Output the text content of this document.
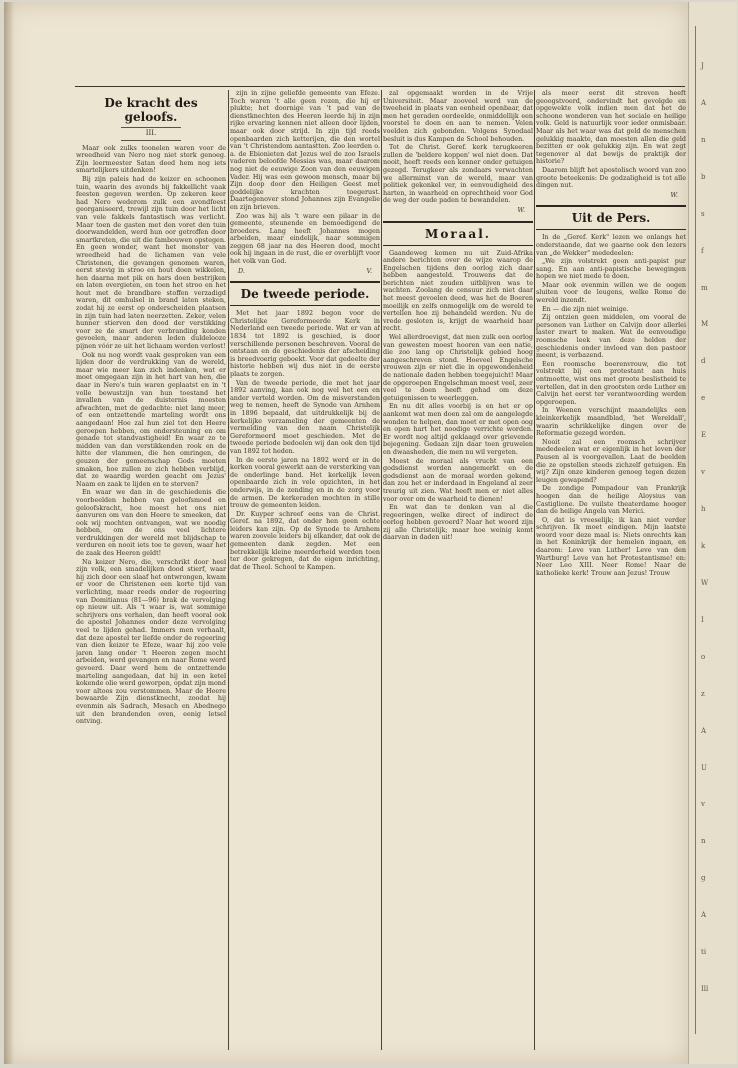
J
A
n
b
s
f
m
M
d
e
E
v
h
k
W
I
o
z
A
U
v
n
g
A
ti
Ill
De kracht des geloofs.
III.

Maar ook zulks toonelen waren voor de wreedheid van Nero nog niet sterk genoeg. Zijn leermeester Satan deed hem nog iets smartelijkers uitdenken!

Bij zijn paleis had de keizer en schoonen tuin, waarin des avonds bij fakkellicht vaak feesten gegeven werden. Op zekeren keer had Nero wederom zulk een avondfeest georganiseerd, trewijl zijn tuin door het licht van vele fakkels fantastisch was verlicht. Maar toen de gasten met den voret den tuin doorwandelden, werd hun oor getroffen door smartkreten, die uit die fambouwen opstegen. En geen wonder, want het monster van wreedheid had de lichamen van vele Christenen, die gevangen genomen waren, eerst stevig in stroo en hout doen wikkelen, hen daarna met pik en hars doen bestrijken en laten overgieten, en toen het stroo en het hout met de brandbare stoffen verzadigd waren, dit omhulsel in brand laten steken, zodat hij ze eerst op onderscheiden plaatsen in zijn tuin had laten neerzetten. Zeker, velen hunner stierven den dood der verstikking voor ze de smart der verbranding konden gevoelen, maar anderen leden duldelooze pijnen vóór ze uit het lichaam werden verlost!

Ook nu nog wordt vaak gesproken van een lijden door de verdrukking van de wereld, maar wie meer kan zich indenken, wat er moet omgegaan zijn in het hart van hen, die daar in Nero's tuin waren geplaatst en in 't volle bewustzijn van hun toestand het invallen van de duisternis moesten afwachten, met de gedachte: niet lang meer, of een ontzettende marteling wordt ons aangedaan! Hoe zal hun ziel tot den Heere geroepen hebben, om ondersteuning en om genade tot standvastigheid! En waar zo te midden van dan verstikkenden rook en de hitte der vlammen, die hen omringen, de geuzen der gemeenschap Gods moeten smaken, hoe zullen ze zich hebben verblijd, dat ze waardig werden geacht om Jezus' Naam en zaak te lijden en te sterven?

En waar we dan in de geschiedenis die voorbeelden hebben van geloofsmoed en geloofskracht, hoe moest het ons niet aanvuren om van den Heere te smeeken, dat ook wij mochten ontvangen, wat we noodig hebben, om de ons veel lichtere verdrukkingen der wereld met blijdschap te verduren en nooit iets toe te geven, waar het de zaak des Heeren geldt!

Na keizer Nero, die, verschrikt door heel zijn volk, een smadelijken dood stierf, waar hij zich door een slaaf het ontwrongen, kwam er voor de Christenen een korte tijd van verlichting, maar reeds onder de regeering van Domitianus (81—96) brak de vervolging op nieuw uit. Als 't waar is, wat sommige schrijvers ons verhalen, dan heeft vooral ook de apostel Johannes onder deze vervolging veel te lijden gehad. Immers men verhaalt, dat deze apostel ter liefde onder de regeering van dien keizer te Efeze, waar hij zoo vele jaren lang onder 't Heeren zegen mocht arbeiden, werd gevangen en naar Rome werd gevoerd. Daar werd hem de ontzettende marteling aangedaan, dat hij in een ketel kokende olie werd geworpen, opdat zijn mond voor altoos zou verstommen. Maar de Heere bewaarde Zijn dienstknecht, zoodat hij evenmin als Sadrach, Mesach en Abednego uit den brandenden oven, eenig letsel ontving.

zijn in zijne geliefde gemeente van Efeze. Toch waren 't alle geen rozen, die hij er plukte; het doornige van 't pad van de dienstknechten des Heeren leerde hij in zijn rijke ervaring kennen niet alleen door lijden, maar ook door strijd. In zijn tijd reeds openbaarden zich ketterijen, die den wortel van 't Christendom aantastten. Zoo leerden o. a. de Ebionieten dat Jezus wel de zoo Israels vaderen beloofde Messias was, maar daarom nog niet de eeuwige Zoon van den eeuwigen Vader. Hij was een gewoon mensch, maar bij Zijn doop door den Heiligen Geest met goddelijke krachten toegerust. Daartegenover stond Johannes zijn Evangelie en zijn brieven.

Zoo was hij als 't ware een pilaar in de gemeente, steunende en bemoedigend de broeders. Lang heeft Johannes mogen arbeiden, maar eindelijk, naar sommigen zeggen 68 jaar na des Heeren dood, mocht ook hij ingaan in de rust, die er overblijft voor het volk van God.

D.	V.
De tweede periode.

Met het jaar 1892 begon voor de Christelijke Gereformeerde Kerk in Nederland een tweede periode. Wat er van af 1834 tot 1892 is geschied, is door verschillende personen beschreven. Vooral de ontstaan en de geschiedenis der afscheiding is breedvoerig geboekt. Voor dat gedeelte der historie hebben wij dus niet in de eerste plaats te zorgen.

Van de tweede periode, die met het jaar 1892 aanving, kan ook nog wel het een en ander verteld worden. Om de misverstanden weg te nemen, heeft de Synode van Arnhem in 1896 bepaald, dat uitdrukkelijk bij de kerkelijke verzameling der gemeenten de vermelding van den naam Christelijk Gereformeerd moet geschieden. Met de tweede periode bedoelen wij dan ook den tijd van 1892 tot heden.

In de eerste jaren na 1892 werd er in de kerken vooral gewerkt aan de versterking van de onderlinge band. Het kerkelijk leven openbaarde zich in vele opzichten, in het onderwijs, in de zending en in de zorg voor de armen. De kerkeraden mochten in stille trouw de gemeenten leiden.

Dr. Kuyper schreef eens van de Christ. Geref. na 1892, dat onder hen geen echte leiders kan zijn. Op de Synode te Arnhem waren zoovele leiders bij elkander, dat ook de gemeenten dank zegden. Met een betrekkelijk kleine meerderheid werden toen ter door gekregen, dat de eigen inrichting, dat de Theol. School te Kampen.

zal opgemaakt worden in de Vrije Universiteit. Maar zooveel werd van de tweeheid in plaats van eenheid openbaar, dat men het geraden oordeelde, onmiddellijk een voorstel te doen en aan te nemen. Velen voelden zich gebonden. Volgens Synodaal besluit is dus Kampen de School behouden.

Tot de Christ. Geref. kerk terugkeeren zullen de 'beldere koppen' wel niet doen. Dat nooit, heeft reeds een kenner onder getuigen gezegd. Terugkeer als zondaars verwachten we allerminst van de wereld, maar van politiek gekonkel ver, in eenvoudigheid des harten, in waarheid en oprechtheid voor God de weg der oude paden te bewandelen.

W.
Moraal.

Gaandeweg komen nu uit Zuid-Afrika andere berichten over de wijze waarop de Engelschen tijdens den oorlog zich daar hebben aangesteld. Trouwens dat de berichten niet zouden uitblijven was te wachten. Zoolang de censuur zich niet daar het meest gevoelen deed, was het de Boeren moeilijk en zelfs onmogelijk om de wereld te vertellen hoe zij behandeld werden. Nu de vrede gesloten is, krijgt de waarheid haar recht.

Wel allerdroevigst, dat men zulk een oorlog van gewesten moest hooren van een natie, die zoo lang op Christelijk gebied hoog aangeschreven stond. Hoeveel Engelsche vrouwen zijn er niet die in opgewondenheid de nationale daden hebben toegejuicht! Maar de opgeroepen Engelschman moest veel, zeer veel te doen heeft gehad om deze getuigenissen te weerleggen.

En nu dit alles voorbij is en het er op aankomt wat men doen zal om de aangelegde wonden te helpen, dan moet er met open oog en open hart het noodige verrichte worden. Er wordt nog altijd geklaagd over grievende bejegening. Gedaan zijn daar toen gruwelen en dwaasheden, die men nu wil vergeten.

Moest de moraal als vrucht van een godsdienst worden aangemerkt en de godsdienst aan de moraal worden gekend, dan zou het er inderdaad in Engeland al zeer treurig uit zien. Wat heeft men er niet alles voor over om de waarheid te dienen!

En wat dan te denken van al die regeeringen, welke direct of indirect de oorlog hebben gevoerd? Naar het woord zijn zij alle Christelijk; maar hoe weinig komt daarvan in daden uit!

als meer eerst dit streven heeft geoogstvoerd, ondervindt het gevolgde en opgewekte volk indien men dat het de schoone wonderen van het sociale en heilige volk. Geld is natuurlijk voor ieder onmisbaar. Maar als het waar was dat geld de menschen gelukkig maakte, dan moesten allen die geld bezitten er ook gelukkig zijn. En wat zegt tegenover al dat bewijs de praktijk der historie?

Daarom blijft het apostolisch woord van zoo groote beteekenis: De godzaligheid is tot alle dingen nut.

W.
Uit de Pers.

In de „Geref. Kerk" lezen we onlangs het onderstaande, dat we gaarne ook den lezers van „de Wekker" mededeelen:

„We zijn volstrekt geen anti-papist pur sang. En aan anti-papistische bewegingen hopen we niet mede te doen.

Maar ook evenmin willen we de oogen sluiten voor de leugens, welke Rome de wereld inzendt.

En — die zijn niet weinige.

Zij ontzien geen middelen, om vooral de personen van Luther en Calvijn door allerlei laster zwart te maken. Wat de eenvoudige roomsche leek van deze helden der geschiedenis onder invloed van den pastoor meent, is verbazend.

Een roomsche boerenvrouw, die tot volstrekt bij een protestant aan huis ontmoette, wist ons met groote beslistheid te vertellen, dat in den grootsten orde Luther en Calvijn het eerst ter verantwoording werden opgeroepen.

In Weenen verschijnt maandelijks een kleinkerkelijk maandblad, 'het Wereldall', waarin schrikkelijke dingen over de Reformatie gezegd worden.

Nooit zal een roomsch schrijver mededeelen wat er eigenlijk in het leven der Pausen al is voorgevallen. Laat de beelden die ze opstellen steeds zichzelf getuigen. En wij? Zijn onze kinderen genoeg tegen dezen leugen gewapend?

De zondige Pompadour van Frankrijk hoogen dan de heilige Aloysius van Castiglione. De vuilste theaterdame hooger dan de heilige Angela van Merici.

O, dat is vreeselijk; ik kan niet verder schrijven. Ik moet eindigen. Mijn laatste woord voor deze maal is: Niets onrechts kan in het Koninkrijk der hemelen ingaan, en daarom: Leve van Luther! Leve van den Wartburg! Leve van het Protestantisme! en: Neer Leo XIII. Neer Rome! Naar de katholieke kerk! Trouw aan Jezus! Trouw
